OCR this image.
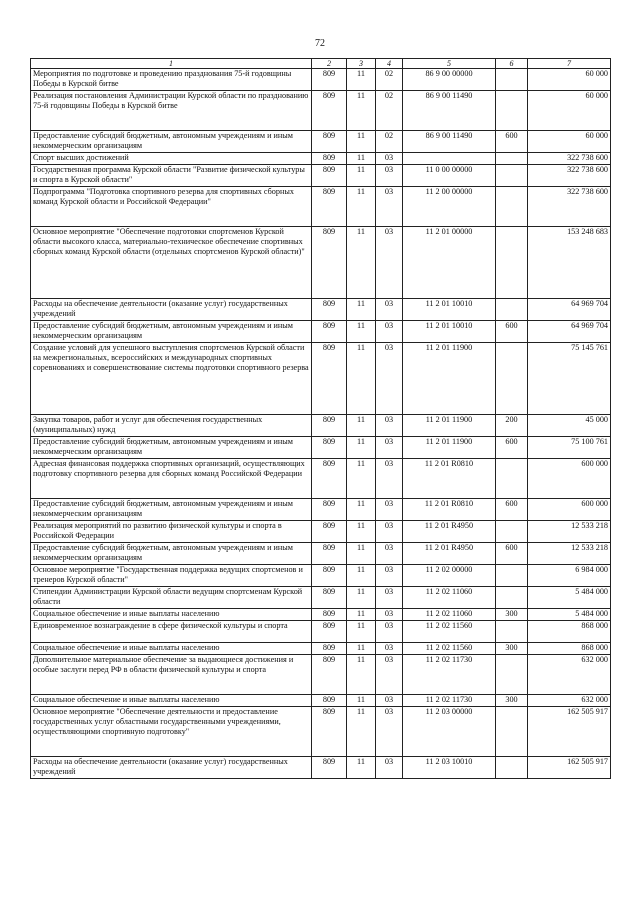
72
1	2	3	4	5	6	7
Мероприятия по подготовке и проведению празднования 75-й годовщины Победы в Курской битве	809	11	02	86 9 00 00000		60 000
Реализация постановления Администрации Курской области по празднованию 75-й годовщины Победы в Курской битве	809	11	02	86 9 00 11490		60 000
Предоставление субсидий бюджетным, автономным учреждениям и иным некоммерческим организациям	809	11	02	86 9 00 11490	600	60 000
Спорт высших достижений	809	11	03			322 738 600
Государственная программа Курской области "Развитие физической культуры и спорта в Курской области"	809	11	03	11 0 00 00000		322 738 600
Подпрограмма "Подготовка спортивного резерва для спортивных сборных команд Курской области и Российской Федерации"	809	11	03	11 2 00 00000		322 738 600
Основное мероприятие "Обеспечение подготовки спортсменов Курской области высокого класса, материально-техническое обеспечение спортивных сборных команд Курской области (отдельных спортсменов Курской области)"	809	11	03	11 2 01 00000		153 248 683
Расходы на обеспечение деятельности (оказание услуг) государственных учреждений	809	11	03	11 2 01 10010		64 969 704
Предоставление субсидий бюджетным, автономным учреждениям и иным некоммерческим организациям	809	11	03	11 2 01 10010	600	64 969 704
Создание условий для успешного выступления спортсменов Курской области на межрегиональных, всероссийских и международных спортивных соревнованиях и совершенствование системы подготовки спортивного резерва	809	11	03	11 2 01 11900		75 145 761
Закупка товаров, работ и услуг для обеспечения государственных (муниципальных) нужд	809	11	03	11 2 01 11900	200	45 000
Предоставление субсидий бюджетным, автономным учреждениям и иным некоммерческим организациям	809	11	03	11 2 01 11900	600	75 100 761
Адресная финансовая поддержка спортивных организаций, осуществляющих подготовку спортивного резерва для сборных команд Российской Федерации	809	11	03	11 2 01 R0810		600 000
Предоставление субсидий бюджетным, автономным учреждениям и иным некоммерческим организациям	809	11	03	11 2 01 R0810	600	600 000
Реализация мероприятий по развитию физической культуры и спорта в Российской Федерации	809	11	03	11 2 01 R4950		12 533 218
Предоставление субсидий бюджетным, автономным учреждениям и иным некоммерческим организациям	809	11	03	11 2 01 R4950	600	12 533 218
Основное мероприятие "Государственная поддержка ведущих спортсменов и тренеров Курской области"	809	11	03	11 2 02 00000		6 984 000
Стипендии Администрации Курской области ведущим спортсменам Курской области	809	11	03	11 2 02 11060		5 484 000
Социальное обеспечение и иные выплаты населению	809	11	03	11 2 02 11060	300	5 484 000
Единовременное вознаграждение в сфере физической культуры и спорта	809	11	03	11 2 02 11560		868 000
Социальное обеспечение и иные выплаты населению	809	11	03	11 2 02 11560	300	868 000
Дополнительное материальное обеспечение за выдающиеся достижения и особые заслуги перед РФ в области физической культуры и спорта	809	11	03	11 2 02 11730		632 000
Социальное обеспечение и иные выплаты населению	809	11	03	11 2 02 11730	300	632 000
Основное мероприятие "Обеспечение деятельности и предоставление государственных услуг областными государственными учреждениями, осуществляющими спортивную подготовку"	809	11	03	11 2 03 00000		162 505 917
Расходы на обеспечение деятельности (оказание услуг) государственных учреждений	809	11	03	11 2 03 10010		162 505 917
